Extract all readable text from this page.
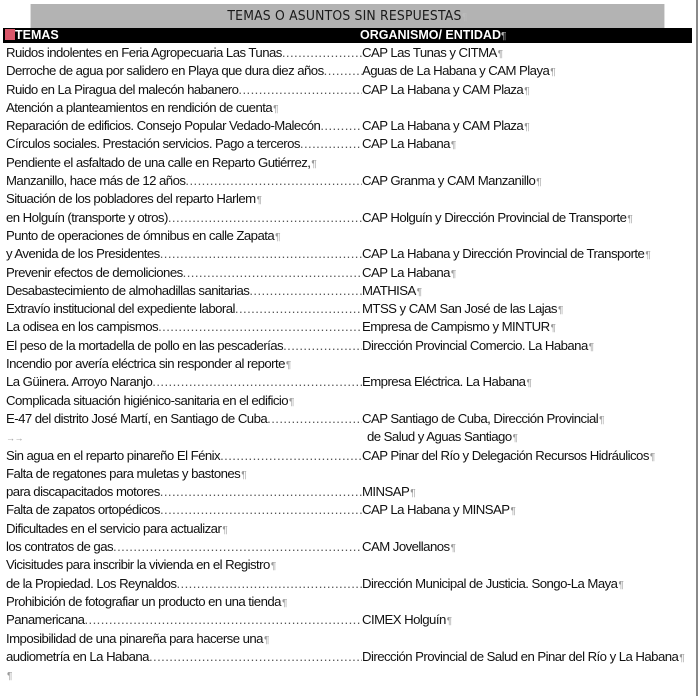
TEMAS O ASUNTOS SIN RESPUESTAS¶
TEMAS	ORGANISMO/ ENTIDAD¶
Ruidos indolentes en Feria Agropecuaria Las Tunas .....	CAP Las Tunas y CITMA¶
Derroche de agua por salidero en Playa que dura diez años .....	Aguas de La Habana y CAM Playa¶
Ruido en La Piragua del malecón habanero .....	CAP La Habana y CAM Plaza¶
Atención a planteamientos en rendición de cuenta¶
Reparación de edificios. Consejo Popular Vedado-Malecón .....	CAP La Habana y CAM Plaza¶
Círculos sociales. Prestación servicios. Pago a terceros .....	CAP La Habana¶
Pendiente el asfaltado de una calle en Reparto Gutiérrez,¶
Manzanillo, hace más de 12 años .....	CAP Granma y CAM Manzanillo¶
Situación de los pobladores del reparto Harlem¶
en Holguín (transporte y otros) .....	CAP Holguín y Dirección Provincial de Transporte¶
Punto de operaciones de ómnibus en calle Zapata¶
y Avenida de los Presidentes .....	CAP La Habana y Dirección Provincial de Transporte¶
Prevenir efectos de demoliciones .....	CAP La Habana¶
Desabastecimiento de almohadillas sanitarias .....	MATHISA¶
Extravío institucional del expediente laboral .....	MTSS y CAM San José de las Lajas¶
La odisea en los campismos .....	Empresa de Campismo y MINTUR¶
El peso de la mortadella de pollo en las pescaderías .....	Dirección Provincial Comercio. La Habana¶
Incendio por avería eléctrica sin responder al reporte¶
La Güinera. Arroyo Naranjo .....	Empresa Eléctrica. La Habana¶
Complicada situación higiénico-sanitaria en el edificio¶
E-47 del distrito José Martí, en Santiago de Cuba .....	CAP Santiago de Cuba, Dirección Provincial¶
→→	de Salud y Aguas Santiago¶
Sin agua en el reparto pinareño El Fénix .....	CAP Pinar del Río y Delegación Recursos Hidráulicos¶
Falta de regatones para muletas y bastones¶
para discapacitados motores .....	MINSAP¶
Falta de zapatos ortopédicos .....	CAP La Habana y MINSAP¶
Dificultades en el servicio para actualizar¶
los contratos de gas .....	CAM Jovellanos¶
Vicisitudes para inscribir la vivienda en el Registro¶
de la Propiedad. Los Reynaldos .....	Dirección Municipal de Justicia. Songo-La Maya¶
Prohibición de fotografiar un producto en una tienda¶
Panamericana .....	CIMEX Holguín¶
Imposibilidad de una pinareña para hacerse una¶
audiometría en La Habana .....	Dirección Provincial de Salud en Pinar del Río y La Habana¶
¶
